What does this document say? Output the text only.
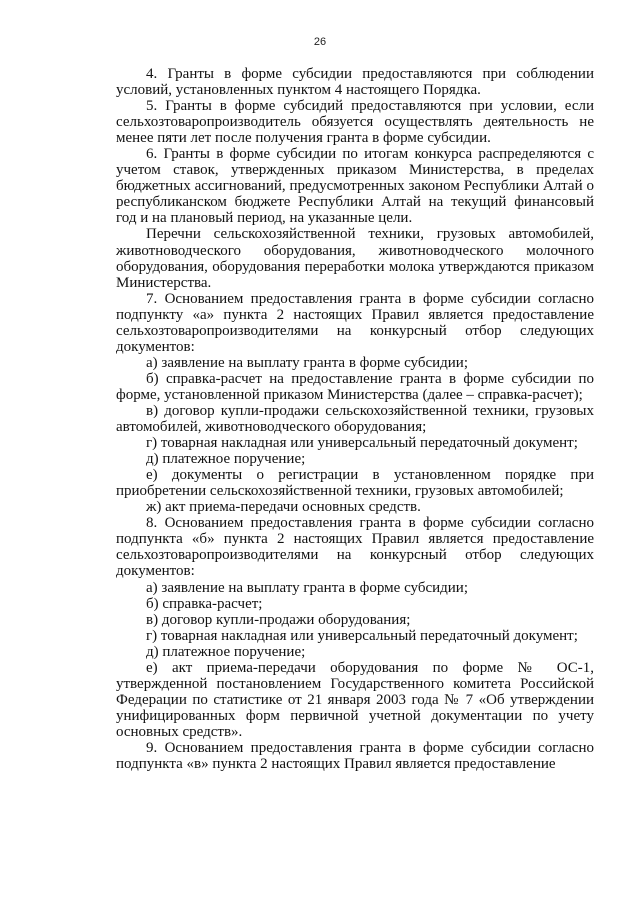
26

4. Гранты в форме субсидии предоставляются при соблюдении условий, установленных пунктом 4 настоящего Порядка.

5. Гранты в форме субсидий предоставляются при условии, если сельхозтоваропроизводитель обязуется осуществлять деятельность не менее пяти лет после получения гранта в форме субсидии.

6. Гранты в форме субсидии по итогам конкурса распределяются с учетом ставок, утвержденных приказом Министерства, в пределах бюджетных ассигнований, предусмотренных законом Республики Алтай о республиканском бюджете Республики Алтай на текущий финансовый год и на плановый период, на указанные цели.

Перечни сельскохозяйственной техники, грузовых автомобилей, животноводческого оборудования, животноводческого молочного оборудования, оборудования переработки молока утверждаются приказом Министерства.

7. Основанием предоставления гранта в форме субсидии согласно подпункту «а» пункта 2 настоящих Правил является предоставление сельхозтоваропроизводителями на конкурсный отбор следующих документов:

а) заявление на выплату гранта в форме субсидии;

б) справка-расчет на предоставление гранта в форме субсидии по форме, установленной приказом Министерства (далее – справка-расчет);

в) договор купли-продажи сельскохозяйственной техники, грузовых автомобилей, животноводческого оборудования;

г) товарная накладная или универсальный передаточный документ;

д) платежное поручение;

е) документы о регистрации в установленном порядке при приобретении сельскохозяйственной техники, грузовых автомобилей;

ж) акт приема-передачи основных средств.

8. Основанием предоставления гранта в форме субсидии согласно подпункта «б» пункта 2 настоящих Правил является предоставление сельхозтоваропроизводителями на конкурсный отбор следующих документов:

а) заявление на выплату гранта в форме субсидии;

б) справка-расчет;

в) договор купли-продажи оборудования;

г) товарная накладная или универсальный передаточный документ;

д) платежное поручение;

е) акт приема-передачи оборудования по форме № ОС-1, утвержденной постановлением Государственного комитета Российской Федерации по статистике от 21 января 2003 года № 7 «Об утверждении унифицированных форм первичной учетной документации по учету основных средств».

9. Основанием предоставления гранта в форме субсидии согласно подпункта «в» пункта 2 настоящих Правил является предоставление
